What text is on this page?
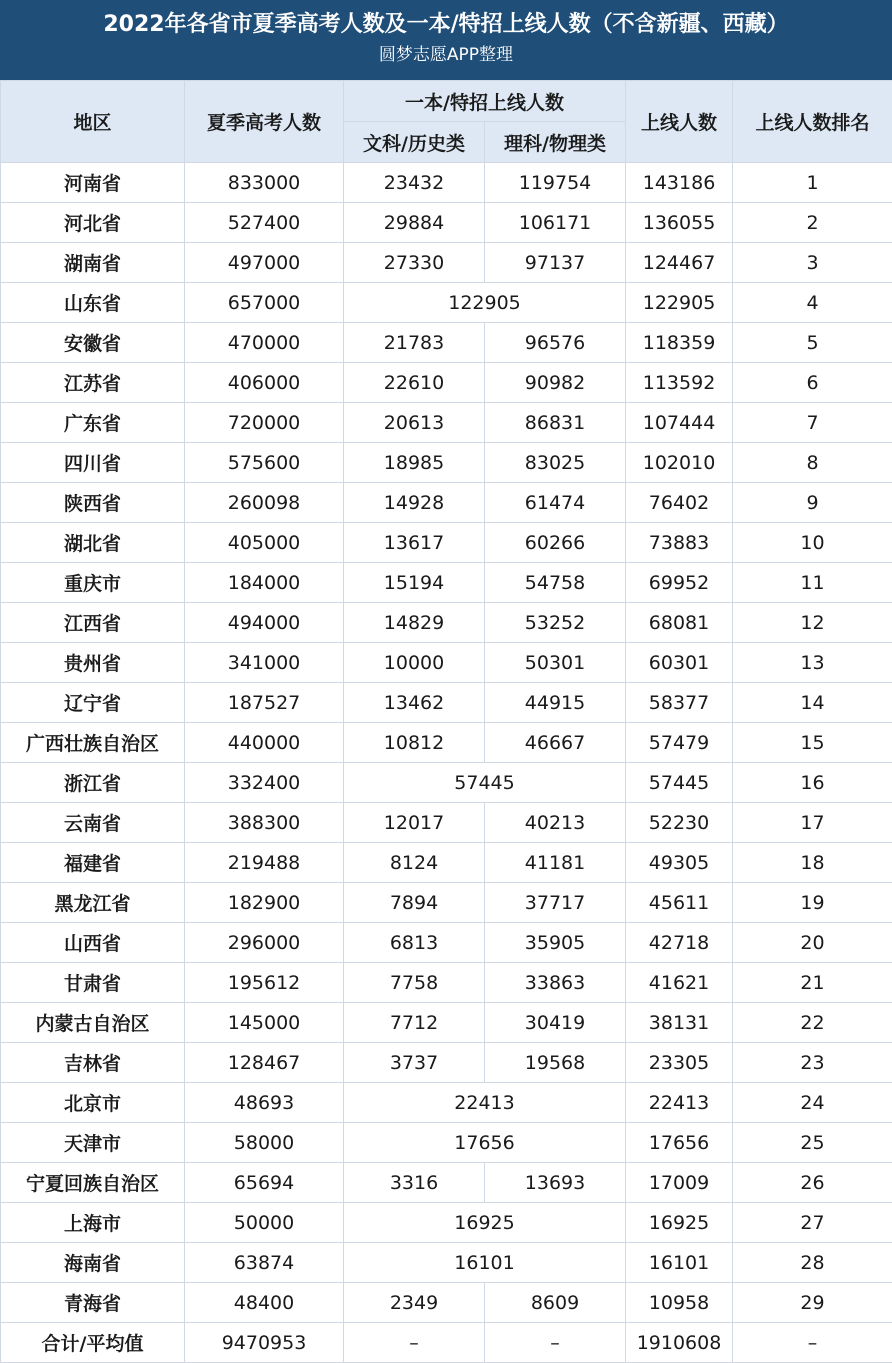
2022年各省市夏季高考人数及一本/特招上线人数（不含新疆、西藏）
圆梦志愿APP整理
地区	夏季高考人数	一本/特招上线人数		上线人数	上线人数排名
		文科/历史类	理科/物理类		
河南省	833000	23432	119754	143186	1
河北省	527400	29884	106171	136055	2
湖南省	497000	27330	97137	124467	3
山东省	657000	122905		122905	4
安徽省	470000	21783	96576	118359	5
江苏省	406000	22610	90982	113592	6
广东省	720000	20613	86831	107444	7
四川省	575600	18985	83025	102010	8
陕西省	260098	14928	61474	76402	9
湖北省	405000	13617	60266	73883	10
重庆市	184000	15194	54758	69952	11
江西省	494000	14829	53252	68081	12
贵州省	341000	10000	50301	60301	13
辽宁省	187527	13462	44915	58377	14
广西壮族自治区	440000	10812	46667	57479	15
浙江省	332400	57445		57445	16
云南省	388300	12017	40213	52230	17
福建省	219488	8124	41181	49305	18
黑龙江省	182900	7894	37717	45611	19
山西省	296000	6813	35905	42718	20
甘肃省	195612	7758	33863	41621	21
内蒙古自治区	145000	7712	30419	38131	22
吉林省	128467	3737	19568	23305	23
北京市	48693	22413		22413	24
天津市	58000	17656		17656	25
宁夏回族自治区	65694	3316	13693	17009	26
上海市	50000	16925		16925	27
海南省	63874	16101		16101	28
青海省	48400	2349	8609	10958	29
合计/平均值	9470953	–	–	1910608	–
